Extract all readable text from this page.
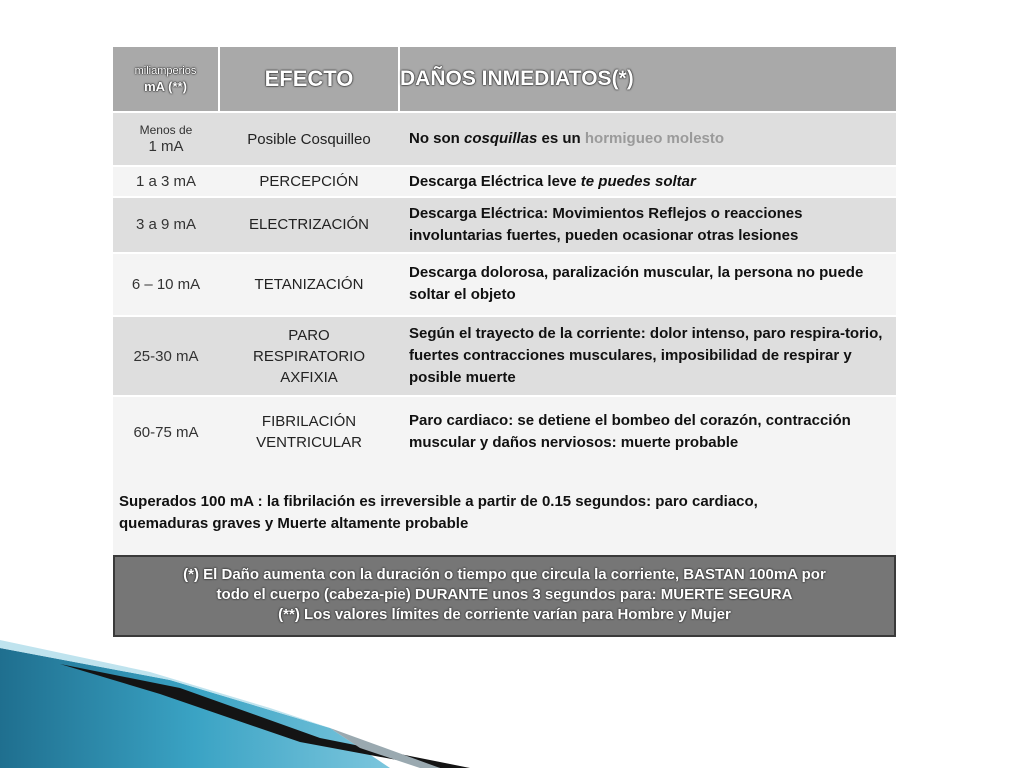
miliamperios
mA (**)	EFECTO	DAÑOS INMEDIATOS(*)

Menos de
1 mA	Posible Cosquilleo	No son cosquillas es un hormigueo molesto
1 a 3 mA	PERCEPCIÓN	Descarga Eléctrica leve te puedes soltar
3 a 9 mA	ELECTRIZACIÓN	Descarga Eléctrica: Movimientos Reflejos o reacciones involuntarias fuertes, pueden ocasionar otras lesiones
6 – 10 mA	TETANIZACIÓN	Descarga dolorosa, paralización muscular, la persona no puede soltar el objeto
25-30 mA	PARO
RESPIRATORIO
AXFIXIA	Según el trayecto de la corriente: dolor intenso, paro respira-torio, fuertes contracciones musculares, imposibilidad de respirar y posible muerte
60-75 mA	FIBRILACIÓN
VENTRICULAR	Paro cardiaco: se detiene el bombeo del corazón, contracción muscular y daños nerviosos: muerte probable
Superados 100 mA : la fibrilación es irreversible a partir de 0.15 segundos: paro cardiaco,
quemaduras graves y Muerte altamente probable
(*) El Daño aumenta con la duración o tiempo que circula la corriente, BASTAN 100mA por
todo el cuerpo (cabeza-pie) DURANTE unos 3 segundos para: MUERTE SEGURA
(**) Los valores límites de corriente varían para Hombre y Mujer
